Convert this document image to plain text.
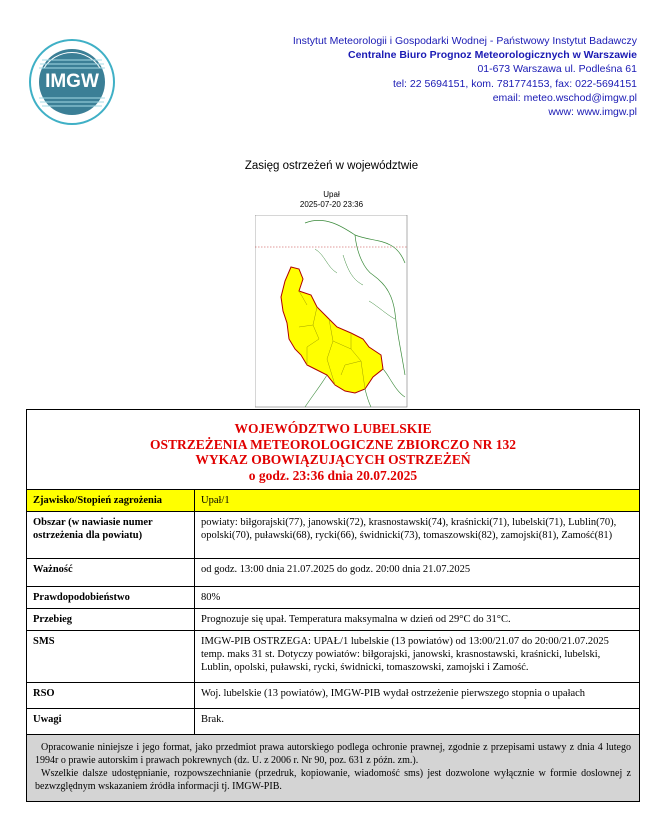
IMGW
Instytut Meteorologii i Gospodarki Wodnej - Państwowy Instytut Badawczy
Centralne Biuro Prognoz Meteorologicznych w Warszawie
01-673 Warszawa ul. Podleśna 61
tel: 22 5694151, kom. 781774153, fax: 022-5694151
email: meteo.wschod@imgw.pl
www: www.imgw.pl
Zasięg ostrzeżeń w województwie
Upał
2025-07-20 23:36
WOJEWÓDZTWO LUBELSKIE
OSTRZEŻENIA METEOROLOGICZNE ZBIORCZO NR 132
WYKAZ OBOWIĄZUJĄCYCH OSTRZEŻEŃ
o godz. 23:36 dnia 20.07.2025
Zjawisko/Stopień zagrożenia	Upał/1
Obszar (w nawiasie numer ostrzeżenia dla powiatu)	powiaty: biłgorajski(77), janowski(72), krasnostawski(74), kraśnicki(71), lubelski(71), Lublin(70), opolski(70), puławski(68), rycki(66), świdnicki(73), tomaszowski(82), zamojski(81), Zamość(81)
Ważność	od godz. 13:00 dnia 21.07.2025 do godz. 20:00 dnia 21.07.2025
Prawdopodobieństwo	80%
Przebieg	Prognozuje się upał. Temperatura maksymalna w dzień od 29°C do 31°C.
SMS	IMGW-PIB OSTRZEGA: UPAŁ/1 lubelskie (13 powiatów) od 13:00/21.07 do 20:00/21.07.2025 temp. maks 31 st. Dotyczy powiatów: biłgorajski, janowski, krasnostawski, kraśnicki, lubelski, Lublin, opolski, puławski, rycki, świdnicki, tomaszowski, zamojski i Zamość.
RSO	Woj. lubelskie (13 powiatów), IMGW-PIB wydał ostrzeżenie pierwszego stopnia o upałach
Uwagi	Brak.

Opracowanie niniejsze i jego format, jako przedmiot prawa autorskiego podlega ochronie prawnej, zgodnie z przepisami ustawy z dnia 4 lutego 1994r o prawie autorskim i prawach pokrewnych (dz. U. z 2006 r. Nr 90, poz. 631 z późn. zm.).

Wszelkie dalsze udostępnianie, rozpowszechnianie (przedruk, kopiowanie, wiadomość sms) jest dozwolone wyłącznie w formie doslownej z bezwzględnym wskazaniem źródła informacji tj. IMGW-PIB.
